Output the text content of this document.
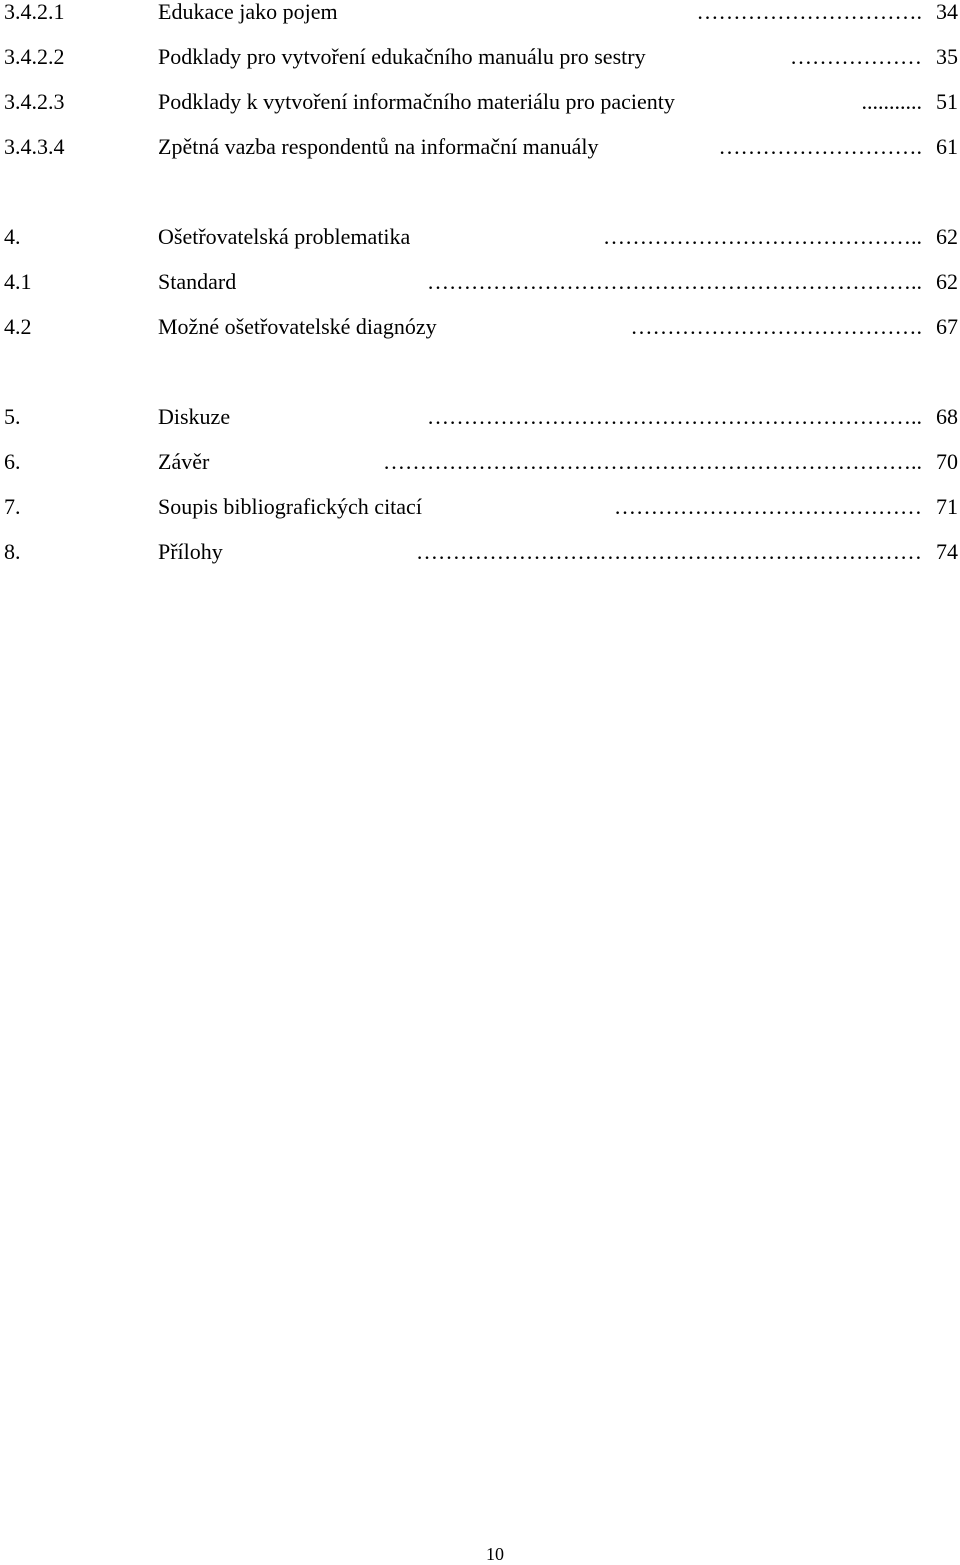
3.4.2.1	Edukace jako pojem	…………………………. 34
3.4.2.2	Podklady pro vytvoření edukačního manuálu pro sestry	……………… 35
3.4.2.3	Podklady k vytvoření informačního materiálu pro pacienty	........... 51
3.4.3.4	Zpětná vazba respondentů na informační manuály	………………………. 61
4.	Ošetřovatelská problematika	…………………………………….. 62
4.1	Standard	………………………………………………………….. 62
4.2	Možné ošetřovatelské diagnózy	…………………………………. 67
5.	Diskuze	………………………………………………………….. 68
6.	Závěr	……………………………………………………………….. 70
7.	Soupis bibliografických citací	…………………………………… 71
8.	Přílohy	…………………………………………………………… 74
10
